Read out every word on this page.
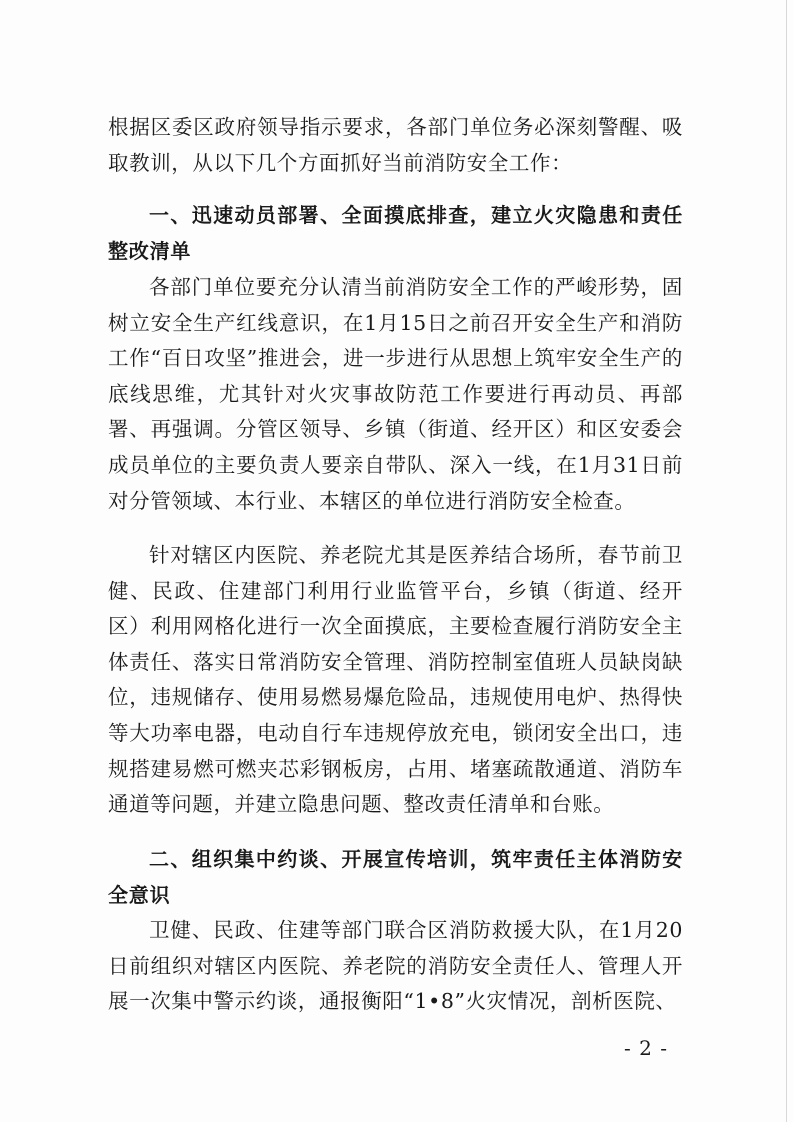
根据区委区政府领导指示要求，各部门单位务必深刻警醒、吸取教训，从以下几个方面抓好当前消防安全工作：

一、迅速动员部署、全面摸底排查，建立火灾隐患和责任整改清单

各部门单位要充分认清当前消防安全工作的严峻形势，固树立安全生产红线意识，在1月15日之前召开安全生产和消防工作“百日攻坚”推进会，进一步进行从思想上筑牢安全生产的底线思维，尤其针对火灾事故防范工作要进行再动员、再部署、再强调。分管区领导、乡镇（街道、经开区）和区安委会成员单位的主要负责人要亲自带队、深入一线，在1月31日前对分管领域、本行业、本辖区的单位进行消防安全检查。

针对辖区内医院、养老院尤其是医养结合场所，春节前卫健、民政、住建部门利用行业监管平台，乡镇（街道、经开区）利用网格化进行一次全面摸底，主要检查履行消防安全主体责任、落实日常消防安全管理、消防控制室值班人员缺岗缺位，违规储存、使用易燃易爆危险品，违规使用电炉、热得快等大功率电器，电动自行车违规停放充电，锁闭安全出口，违规搭建易燃可燃夹芯彩钢板房，占用、堵塞疏散通道、消防车通道等问题，并建立隐患问题、整改责任清单和台账。

二、组织集中约谈、开展宣传培训，筑牢责任主体消防安全意识

卫健、民政、住建等部门联合区消防救援大队，在1月20日前组织对辖区内医院、养老院的消防安全责任人、管理人开展一次集中警示约谈，通报衡阳“1•8”火灾情况，剖析医院、

- 2 -
